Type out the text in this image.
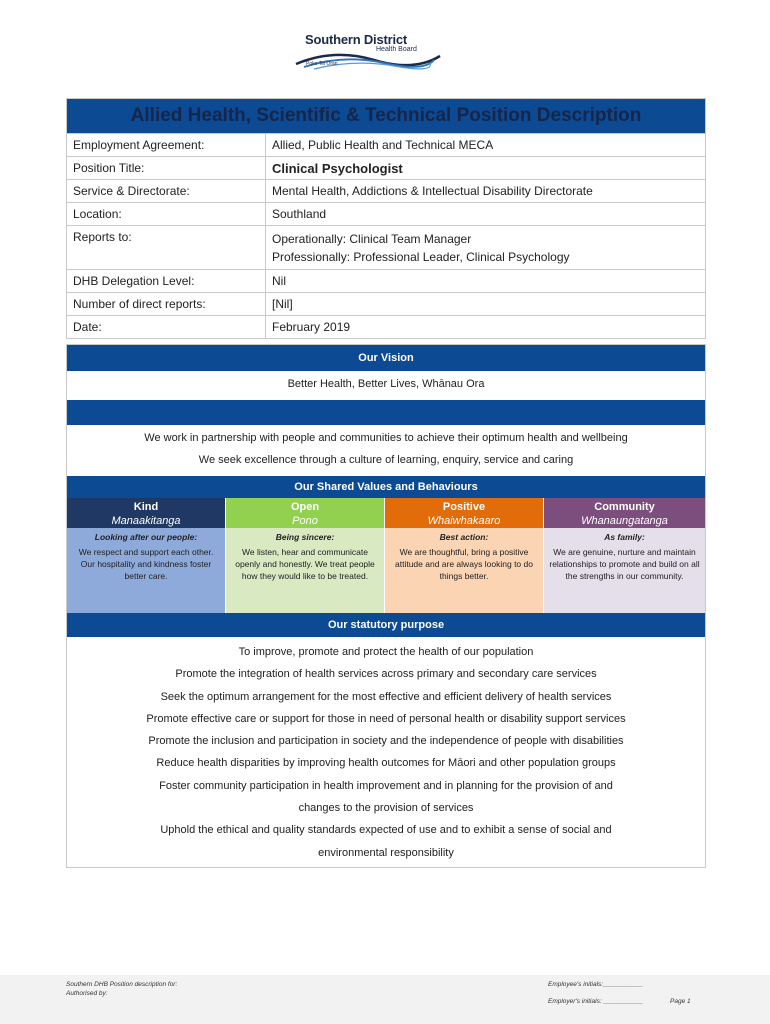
Southern District
Health Board
Poko Tei Oran
Allied Health, Scientific & Technical Position Description	
Employment Agreement:	Allied, Public Health and Technical MECA
Position Title:	Clinical Psychologist
Service & Directorate:	Mental Health, Addictions & Intellectual Disability Directorate
Location:	Southland
Reports to:	Operationally: Clinical Team Manager
Professionally: Professional Leader, Clinical Psychology

DHB Delegation Level:	Nil
Number of direct reports:	[Nil]
Date:	February 2019
Our Vision
Better Health, Better Lives, Whānau Ora
We work in partnership with people and communities to achieve their optimum health and wellbeing
We seek excellence through a culture of learning, enquiry, service and caring
Our Shared Values and Behaviours
Kind
Manaakitanga
Looking after our people:
We respect and support each other. Our hospitality and kindness foster better care.
Open
Pono
Being sincere:
We listen, hear and communicate openly and honestly. We treat people how they would like to be treated.
Positive
Whaiwhakaaro
Best action:
We are thoughtful, bring a positive attitude and are always looking to do things better.
Community
Whanaungatanga
As family:
We are genuine, nurture and maintain relationships to promote and build on all the strengths in our community.
Our statutory purpose
To improve, promote and protect the health of our population
Promote the integration of health services across primary and secondary care services
Seek the optimum arrangement for the most effective and efficient delivery of health services
Promote effective care or support for those in need of personal health or disability support services
Promote the inclusion and participation in society and the independence of people with disabilities
Reduce health disparities by improving health outcomes for Māori and other population groups
Foster community participation in health improvement and in planning for the provision of and
changes to the provision of services
Uphold the ethical and quality standards expected of use and to exhibit a sense of social and
environmental responsibility
Southern DHB Position description for:
Authorised by:
Employee's initials:___________
Employer's initials: ___________	Page 1
